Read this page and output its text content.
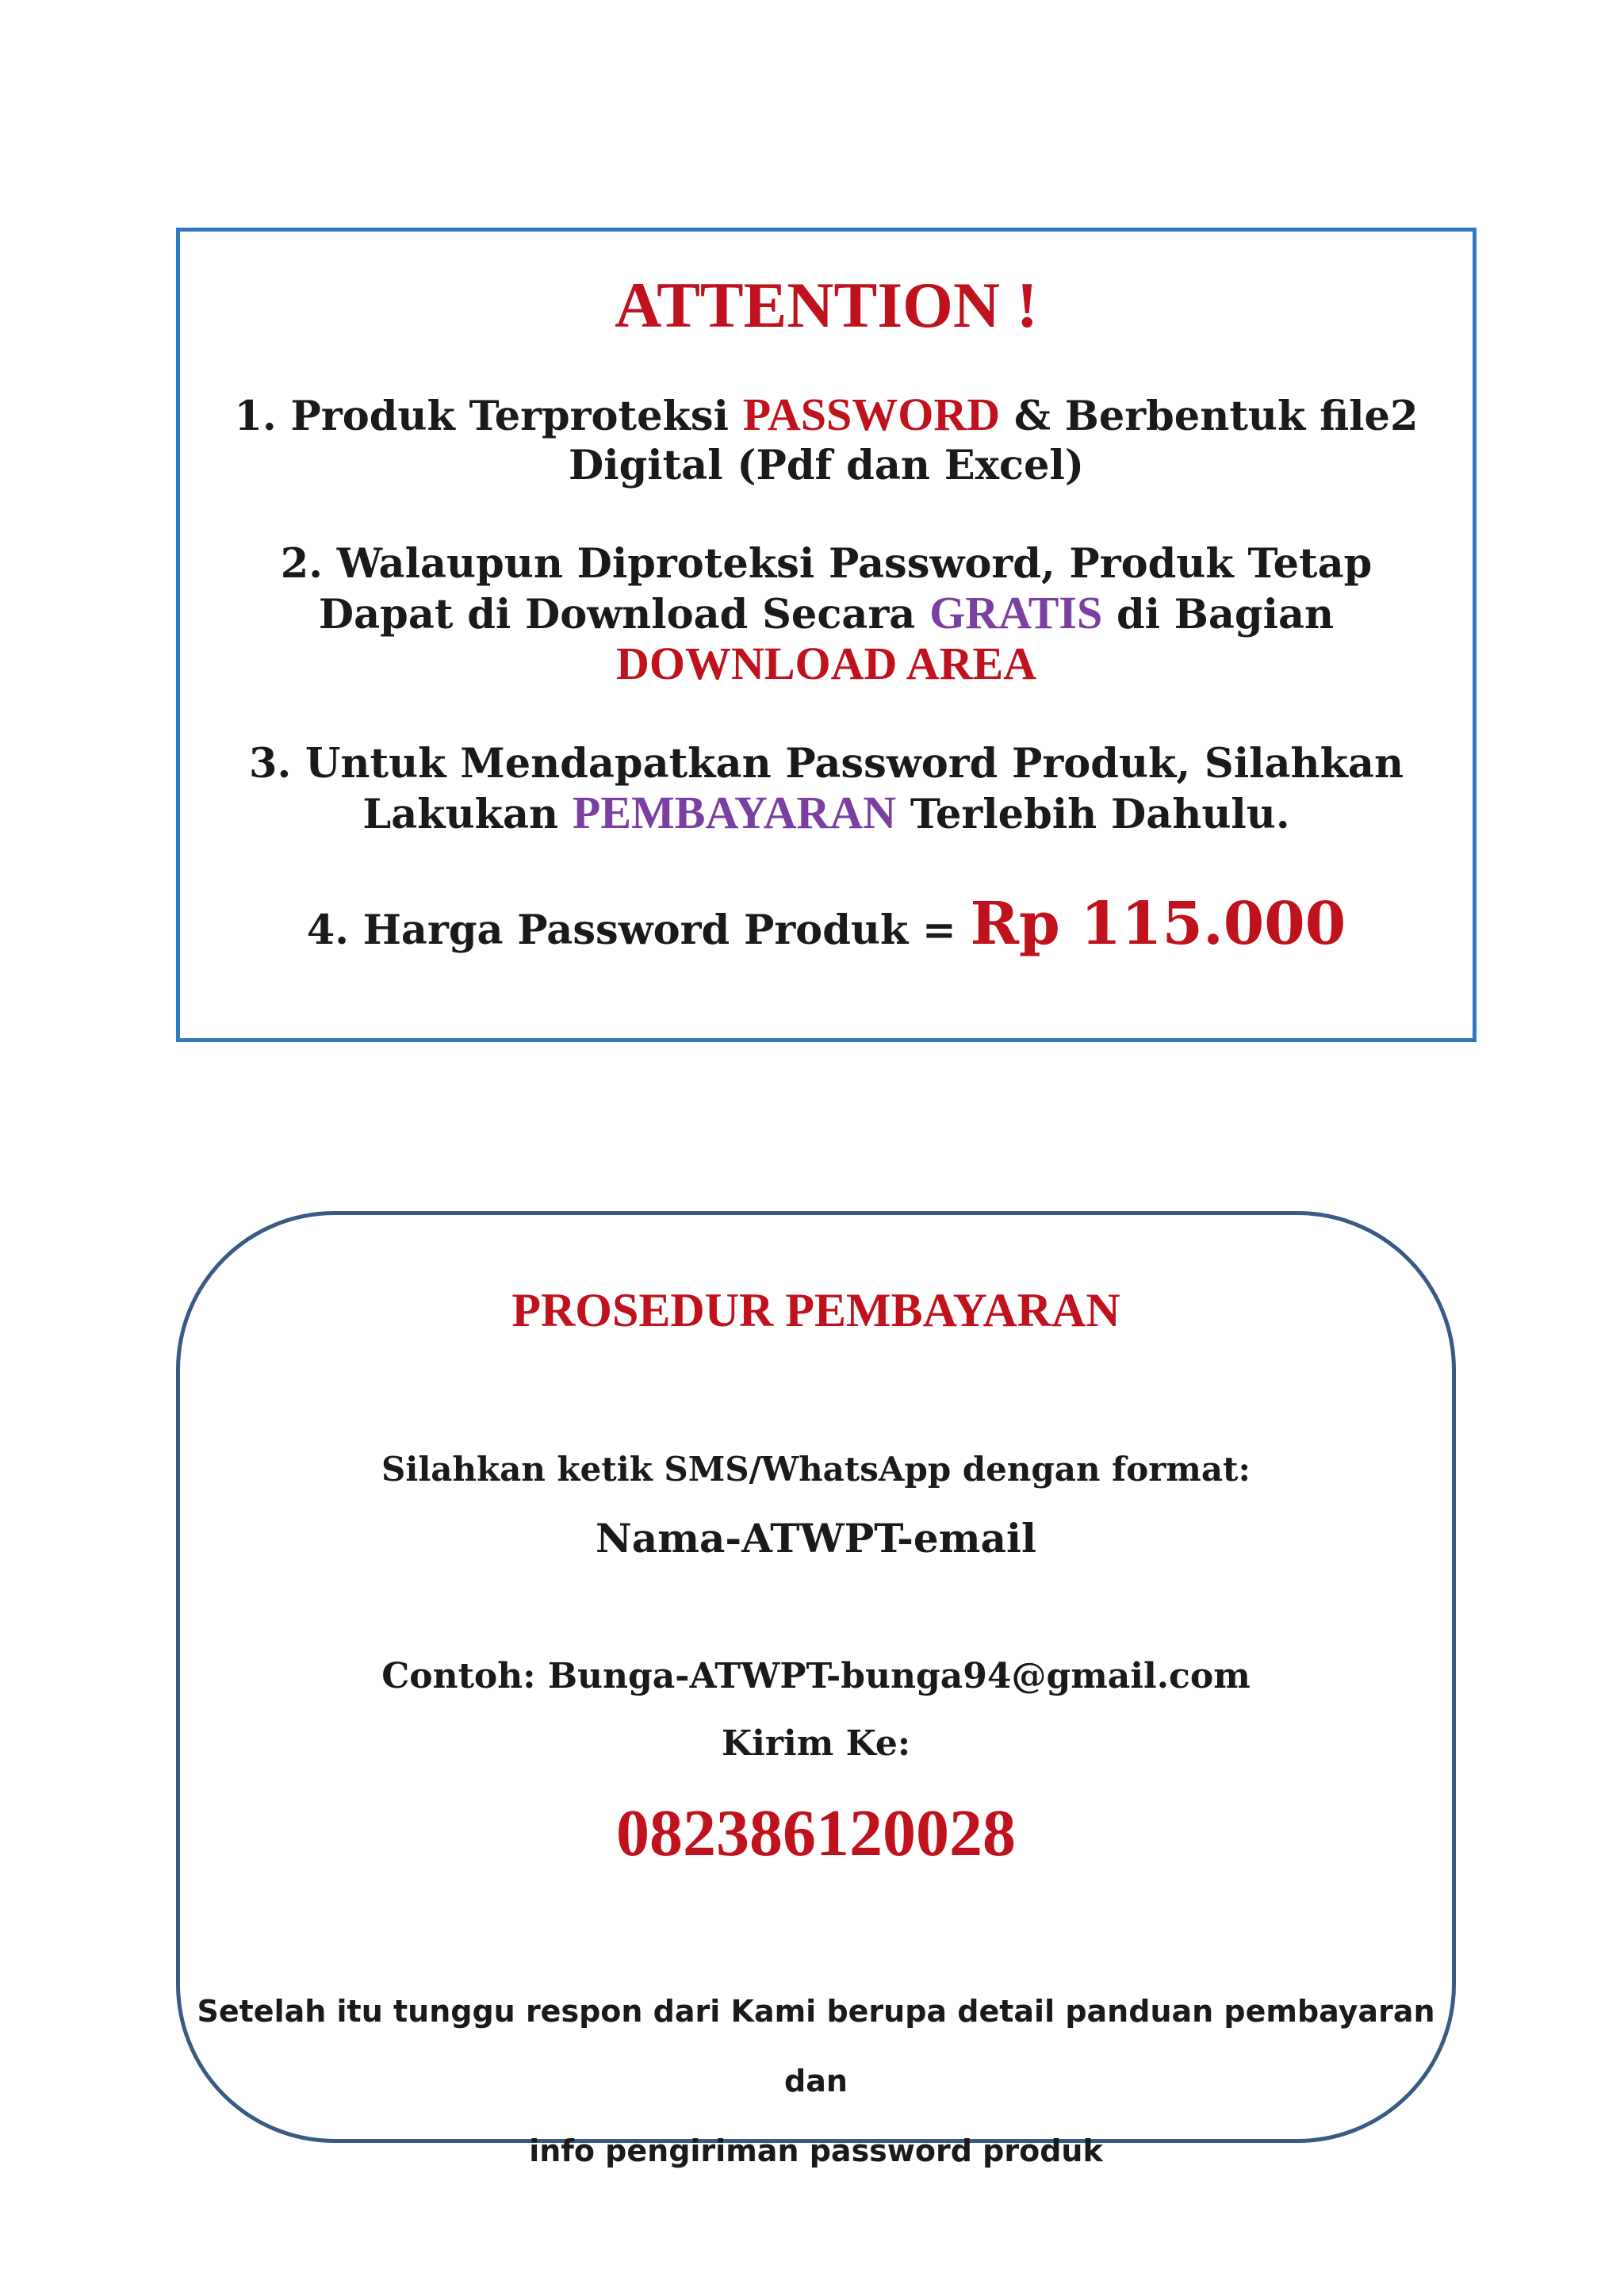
ATTENTION !

1. Produk Terproteksi PASSWORD & Berbentuk file2
Digital (Pdf dan Excel)

2. Walaupun Diproteksi Password, Produk Tetap
Dapat di Download Secara GRATIS di Bagian
DOWNLOAD AREA

3. Untuk Mendapatkan Password Produk, Silahkan
Lakukan PEMBAYARAN Terlebih Dahulu.

4. Harga Password Produk = Rp 115.000

PROSEDUR PEMBAYARAN

Silahkan ketik SMS/WhatsApp dengan format:

Nama-ATWPT-email

Contoh: Bunga-ATWPT-bunga94@gmail.com

Kirim Ke:

082386120028

Setelah itu tunggu respon dari Kami berupa detail panduan pembayaran dan
info pengiriman password produk
